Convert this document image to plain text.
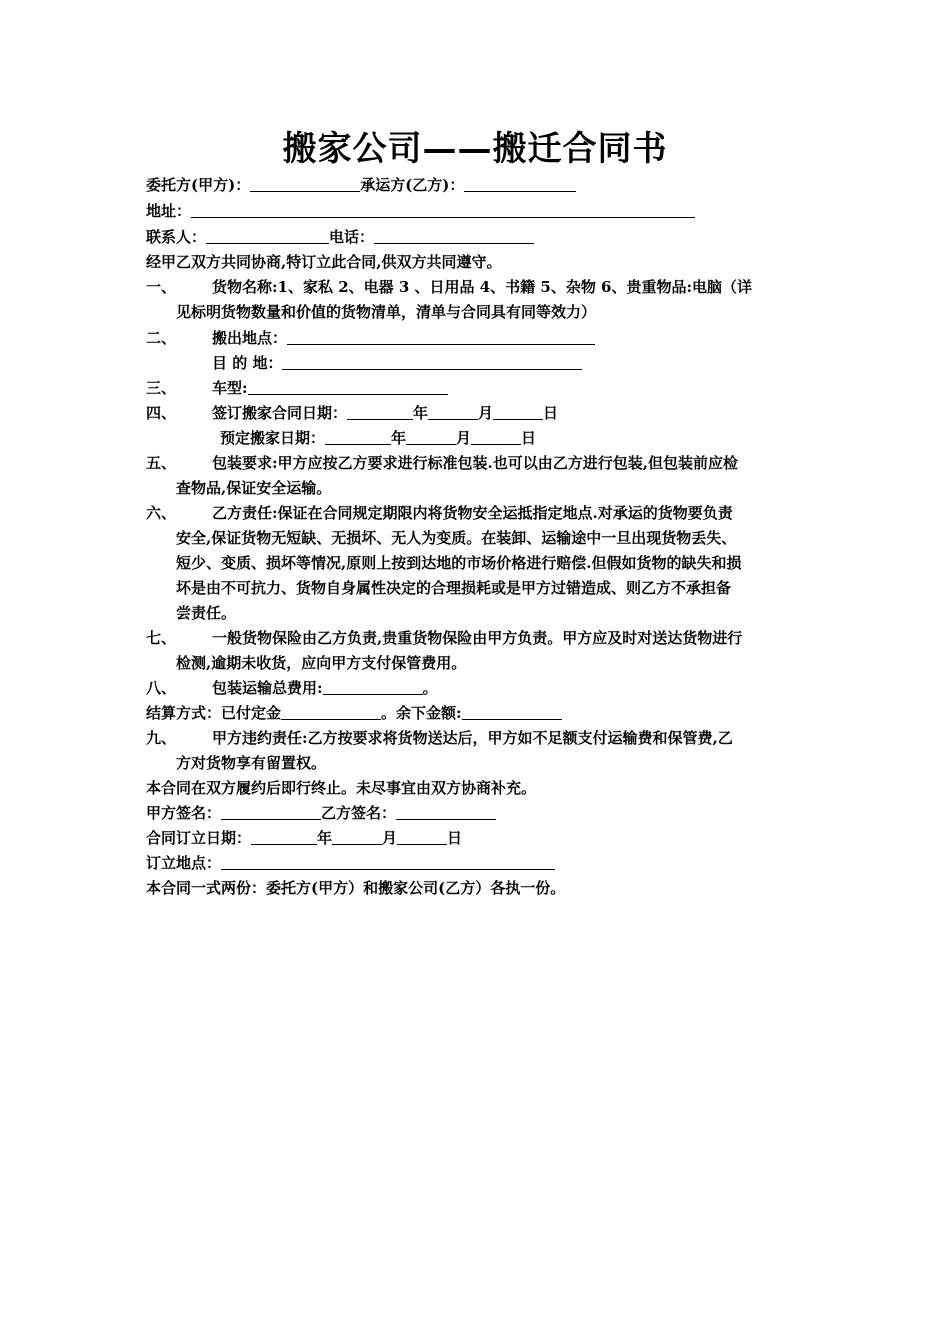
搬家公司——搬迁合同书
委托方(甲方)：	承运方(乙方)：
地址：
联系人：	电话：
经甲乙双方共同协商,特订立此合同,供双方共同遵守。
一、 货物名称:1、家私 2、电器 3 、日用品 4、书籍 5、杂物 6、贵重物品:电脑（详
见标明货物数量和价值的货物清单，清单与合同具有同等效力）
二、 搬出地点：
目 的 地：
三、 车型:
四、 签订搬家合同日期：	年	月	日
预定搬家日期：	年	月	日
五、 包装要求:甲方应按乙方要求进行标准包装.也可以由乙方进行包装,但包装前应检
查物品,保证安全运输。
六、 乙方责任:保证在合同规定期限内将货物安全运抵指定地点.对承运的货物要负责
安全,保证货物无短缺、无损坏、无人为变质。在装卸、运输途中一旦出现货物丢失、
短少、变质、损坏等情况,原则上按到达地的市场价格进行赔偿.但假如货物的缺失和损
坏是由不可抗力、货物自身属性决定的合理损耗或是甲方过错造成、则乙方不承担备
尝责任。
七、 一般货物保险由乙方负责,贵重货物保险由甲方负责。甲方应及时对送达货物进行
检测,逾期未收货，应向甲方支付保管费用。
八、 包装运输总费用:	。
结算方式：已付定金	。余下金额:
九、 甲方违约责任:乙方按要求将货物送达后，甲方如不足额支付运输费和保管费,乙
方对货物享有留置权。
本合同在双方履约后即行终止。未尽事宜由双方协商补充。
甲方签名：	乙方签名：
合同订立日期：	年	月	日
订立地点：
本合同一式两份：委托方(甲方）和搬家公司(乙方）各执一份。
